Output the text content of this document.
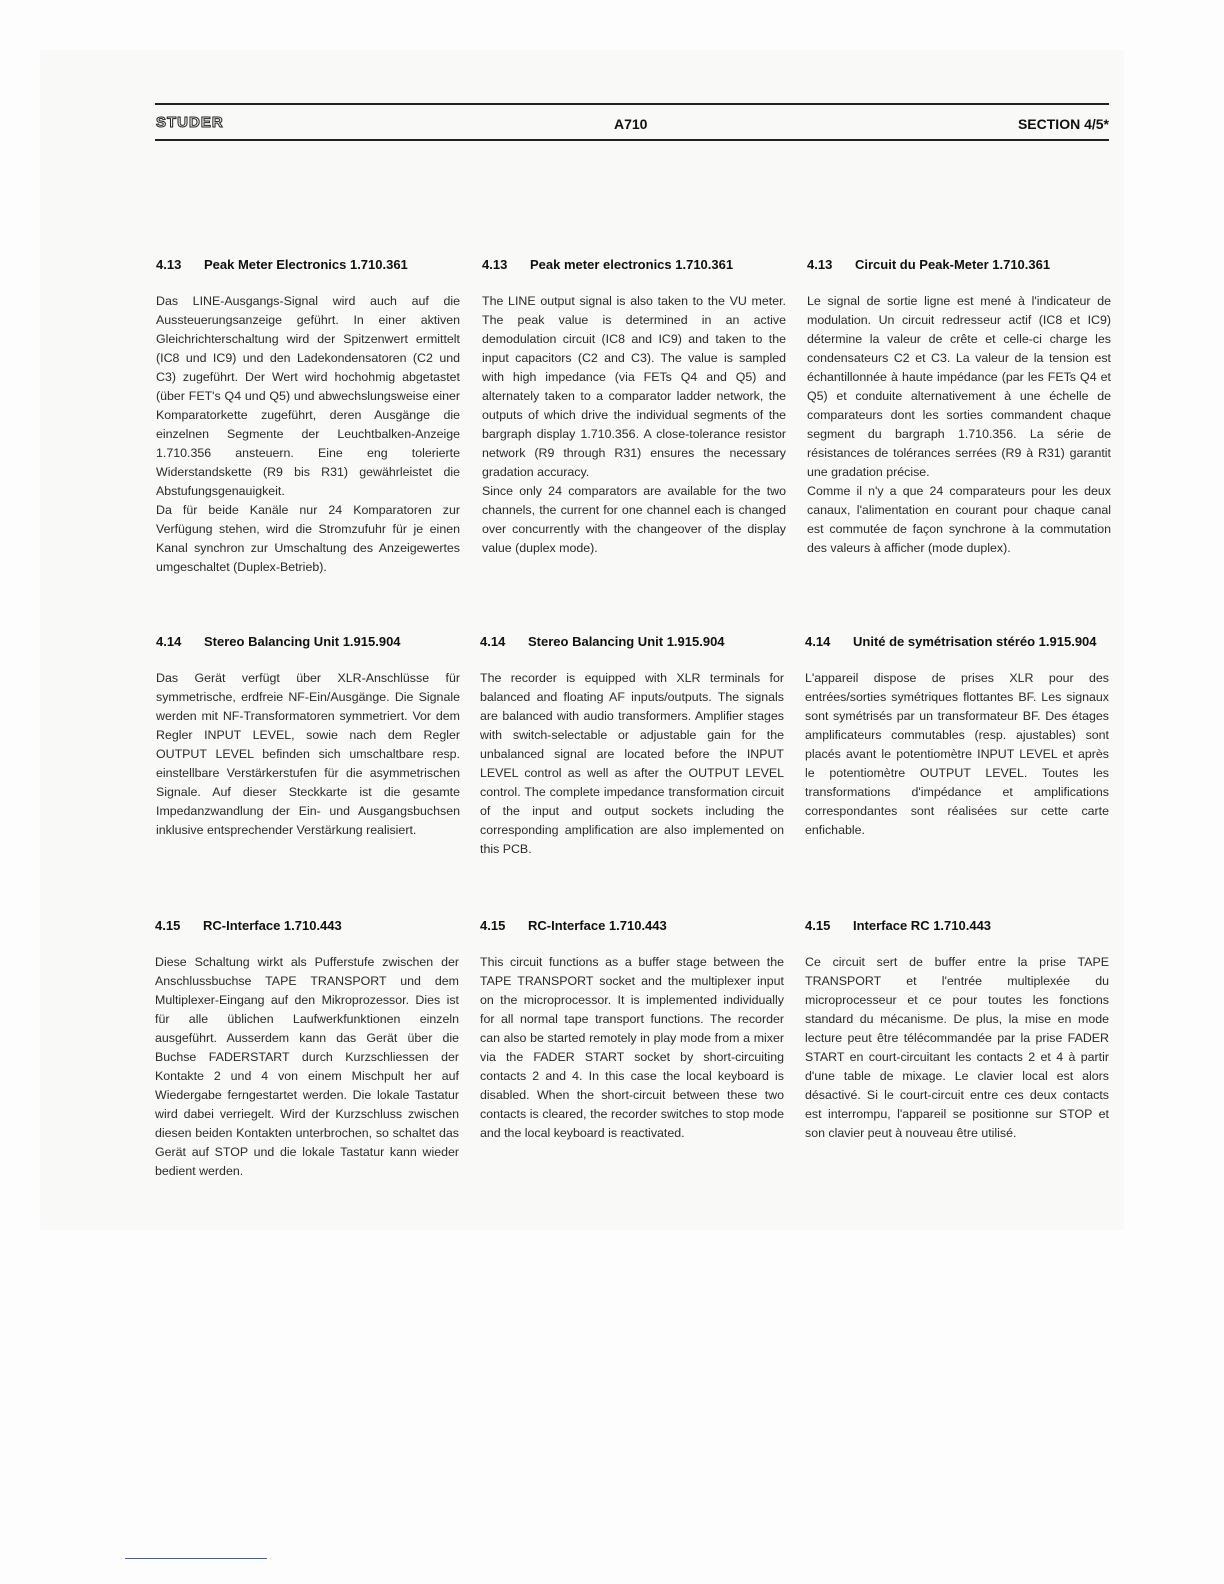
STUDER	A710	SECTION 4/5*
4.13 Peak Meter Electronics 1.710.361

Das LINE-Ausgangs-Signal wird auch auf die Aussteuerungsanzeige geführt. In einer aktiven Gleichrichterschaltung wird der Spitzenwert ermittelt (IC8 und IC9) und den Ladekondensatoren (C2 und C3) zugeführt. Der Wert wird hochohmig abgetastet (über FET's Q4 und Q5) und abwechslungsweise einer Komparatorkette zugeführt, deren Ausgänge die einzelnen Segmente der Leuchtbalken-Anzeige 1.710.356 ansteuern. Eine eng tolerierte Widerstandskette (R9 bis R31) gewährleistet die Abstufungsgenauigkeit.

Da für beide Kanäle nur 24 Komparatoren zur Verfügung stehen, wird die Stromzufuhr für je einen Kanal synchron zur Umschaltung des Anzeigewertes umgeschaltet (Duplex-Betrieb).

4.13 Peak meter electronics 1.710.361

The LINE output signal is also taken to the VU meter. The peak value is determined in an active demodulation circuit (IC8 and IC9) and taken to the input capacitors (C2 and C3). The value is sampled with high impedance (via FETs Q4 and Q5) and alternately taken to a comparator ladder network, the outputs of which drive the individual segments of the bargraph display 1.710.356. A close-tolerance resistor network (R9 through R31) ensures the necessary gradation accuracy.

Since only 24 comparators are available for the two channels, the current for one channel each is changed over concurrently with the changeover of the display value (duplex mode).

4.13 Circuit du Peak-Meter 1.710.361

Le signal de sortie ligne est mené à l'indicateur de modulation. Un circuit redresseur actif (IC8 et IC9) détermine la valeur de crête et celle-ci charge les condensateurs C2 et C3. La valeur de la tension est échantillonnée à haute impédance (par les FETs Q4 et Q5) et conduite alternativement à une échelle de comparateurs dont les sorties commandent chaque segment du bargraph 1.710.356. La série de résistances de tolérances serrées (R9 à R31) garantit une gradation précise.

Comme il n'y a que 24 comparateurs pour les deux canaux, l'alimentation en courant pour chaque canal est commutée de façon synchrone à la commutation des valeurs à afficher (mode duplex).

4.14 Stereo Balancing Unit 1.915.904

Das Gerät verfügt über XLR-Anschlüsse für symmetrische, erdfreie NF-Ein/Ausgänge. Die Signale werden mit NF-Transformatoren symmetriert. Vor dem Regler INPUT LEVEL, sowie nach dem Regler OUTPUT LEVEL befinden sich umschaltbare resp. einstellbare Verstärkerstufen für die asymmetrischen Signale. Auf dieser Steckkarte ist die gesamte Impedanzwandlung der Ein- und Ausgangsbuchsen inklusive entsprechender Verstärkung realisiert.

4.14 Stereo Balancing Unit 1.915.904

The recorder is equipped with XLR terminals for balanced and floating AF inputs/outputs. The signals are balanced with audio transformers. Amplifier stages with switch-selectable or adjustable gain for the unbalanced signal are located before the INPUT LEVEL control as well as after the OUTPUT LEVEL control. The complete impedance transformation circuit of the input and output sockets including the corresponding amplification are also implemented on this PCB.

4.14 Unité de symétrisation stéréo 1.915.904

L'appareil dispose de prises XLR pour des entrées/sorties symétriques flottantes BF. Les signaux sont symétrisés par un transformateur BF. Des étages amplificateurs commutables (resp. ajustables) sont placés avant le potentiomètre INPUT LEVEL et après le potentiomètre OUTPUT LEVEL. Toutes les transformations d'impédance et amplifications correspondantes sont réalisées sur cette carte enfichable.

4.15 RC-Interface 1.710.443

Diese Schaltung wirkt als Pufferstufe zwischen der Anschlussbuchse TAPE TRANSPORT und dem Multiplexer-Eingang auf den Mikroprozessor. Dies ist für alle üblichen Laufwerkfunktionen einzeln ausgeführt. Ausserdem kann das Gerät über die Buchse FADERSTART durch Kurzschliessen der Kontakte 2 und 4 von einem Mischpult her auf Wiedergabe ferngestartet werden. Die lokale Tastatur wird dabei verriegelt. Wird der Kurzschluss zwischen diesen beiden Kontakten unterbrochen, so schaltet das Gerät auf STOP und die lokale Tastatur kann wieder bedient werden.

4.15 RC-Interface 1.710.443

This circuit functions as a buffer stage between the TAPE TRANSPORT socket and the multiplexer input on the microprocessor. It is implemented individually for all normal tape transport functions. The recorder can also be started remotely in play mode from a mixer via the FADER START socket by short-circuiting contacts 2 and 4. In this case the local keyboard is disabled. When the short-circuit between these two contacts is cleared, the recorder switches to stop mode and the local keyboard is reactivated.

4.15 Interface RC 1.710.443

Ce circuit sert de buffer entre la prise TAPE TRANSPORT et l'entrée multiplexée du microprocesseur et ce pour toutes les fonctions standard du mécanisme. De plus, la mise en mode lecture peut être télécommandée par la prise FADER START en court-circuitant les contacts 2 et 4 à partir d'une table de mixage. Le clavier local est alors désactivé. Si le court-circuit entre ces deux contacts est interrompu, l'appareil se positionne sur STOP et son clavier peut à nouveau être utilisé.
